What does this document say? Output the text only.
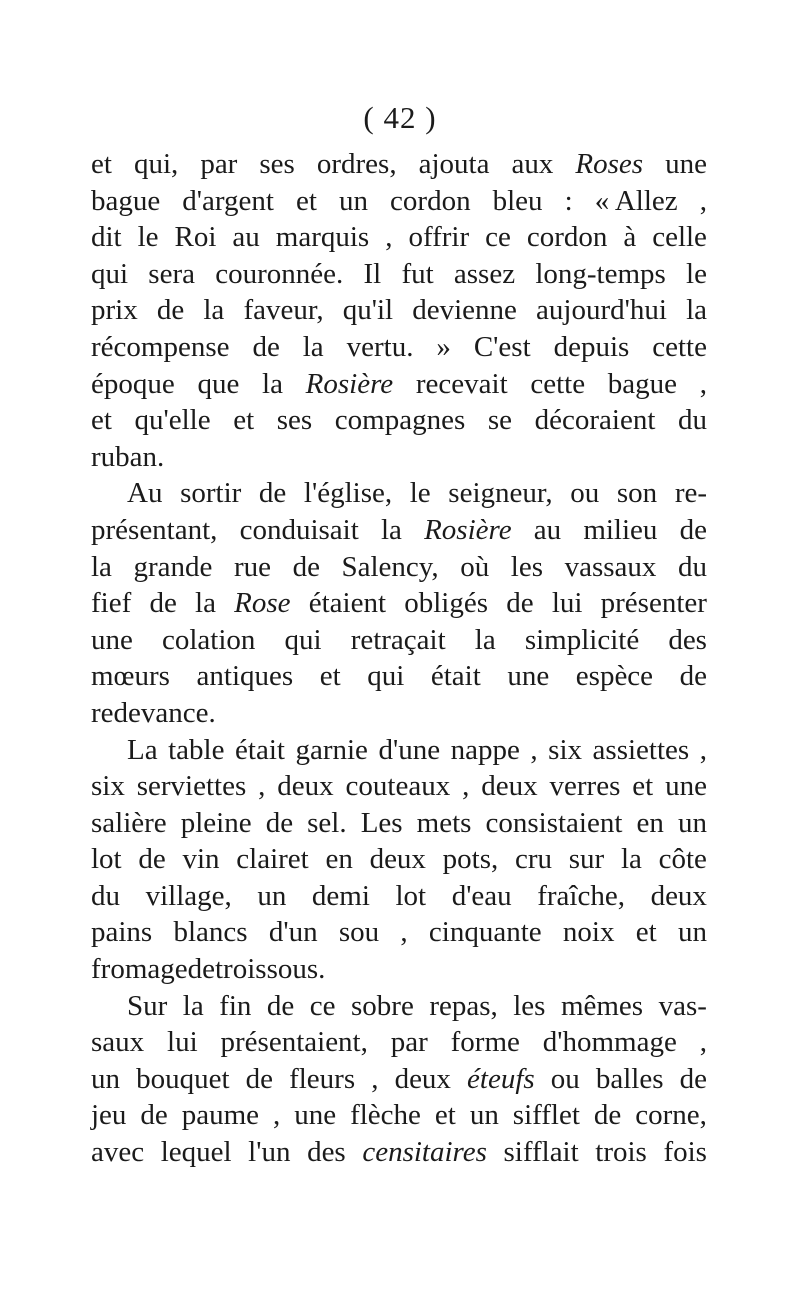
( 42 )
et qui, par ses ordres, ajouta aux Roses une
bague d'argent et un cordon bleu : « Allez ,
dit le Roi au marquis , offrir ce cordon à celle
qui sera couronnée. Il fut assez long-temps le
prix de la faveur, qu'il devienne aujourd'hui la
récompense de la vertu. » C'est depuis cette
époque que la Rosière recevait cette bague ,
et qu'elle et ses compagnes se décoraient du
ruban.
Au sortir de l'église, le seigneur, ou son re-
présentant, conduisait la Rosière au milieu de
la grande rue de Salency, où les vassaux du
fief de la Rose étaient obligés de lui présenter
une colation qui retraçait la simplicité des
mœurs antiques et qui était une espèce de
redevance.
La table était garnie d'une nappe , six assiettes ,
six serviettes , deux couteaux , deux verres et une
salière pleine de sel. Les mets consistaient en un
lot de vin clairet en deux pots, cru sur la côte
du village, un demi lot d'eau fraîche, deux
pains blancs d'un sou , cinquante noix et un
fromage de trois sous.
Sur la fin de ce sobre repas, les mêmes vas-
saux lui présentaient, par forme d'hommage ,
un bouquet de fleurs , deux éteufs ou balles de
jeu de paume , une flèche et un sifflet de corne,
avec lequel l'un des censitaires sifflait trois fois
